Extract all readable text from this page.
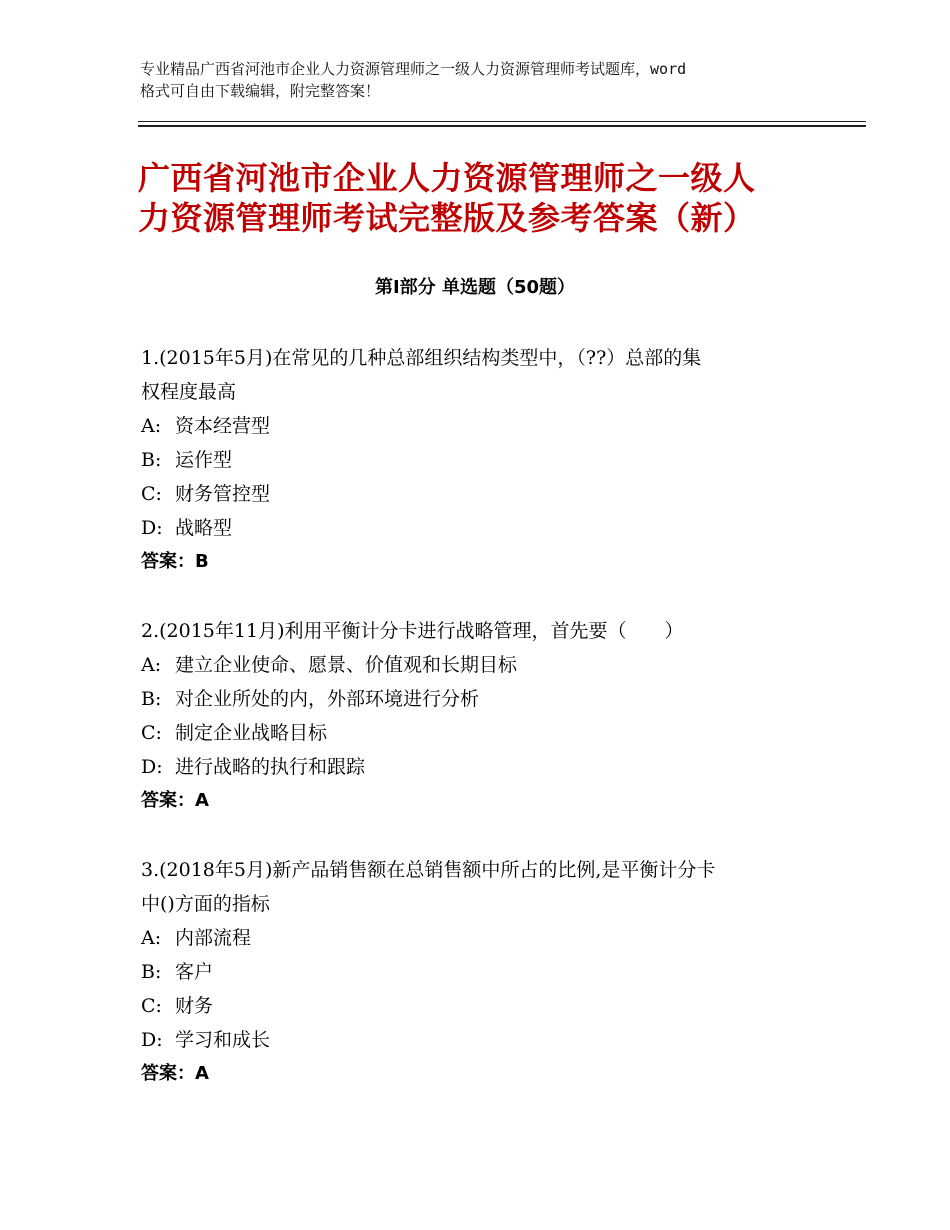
专业精品广西省河池市企业人力资源管理师之一级人力资源管理师考试题库，word
格式可自由下载编辑，附完整答案！
广西省河池市企业人力资源管理师之一级人
力资源管理师考试完整版及参考答案（新）
第Ⅰ部分 单选题（50题）
1.(2015年5月)在常见的几种总部组织结构类型中，（??）总部的集
权程度最高
A: 资本经营型
B: 运作型
C: 财务管控型
D: 战略型
答案：B
2.(2015年11月)利用平衡计分卡进行战略管理，首先要（　　）
A: 建立企业使命、愿景、价值观和长期目标
B: 对企业所处的内，外部环境进行分析
C: 制定企业战略目标
D: 进行战略的执行和跟踪
答案：A
3.(2018年5月)新产品销售额在总销售额中所占的比例,是平衡计分卡
中()方面的指标
A: 内部流程
B: 客户
C: 财务
D: 学习和成长
答案：A
